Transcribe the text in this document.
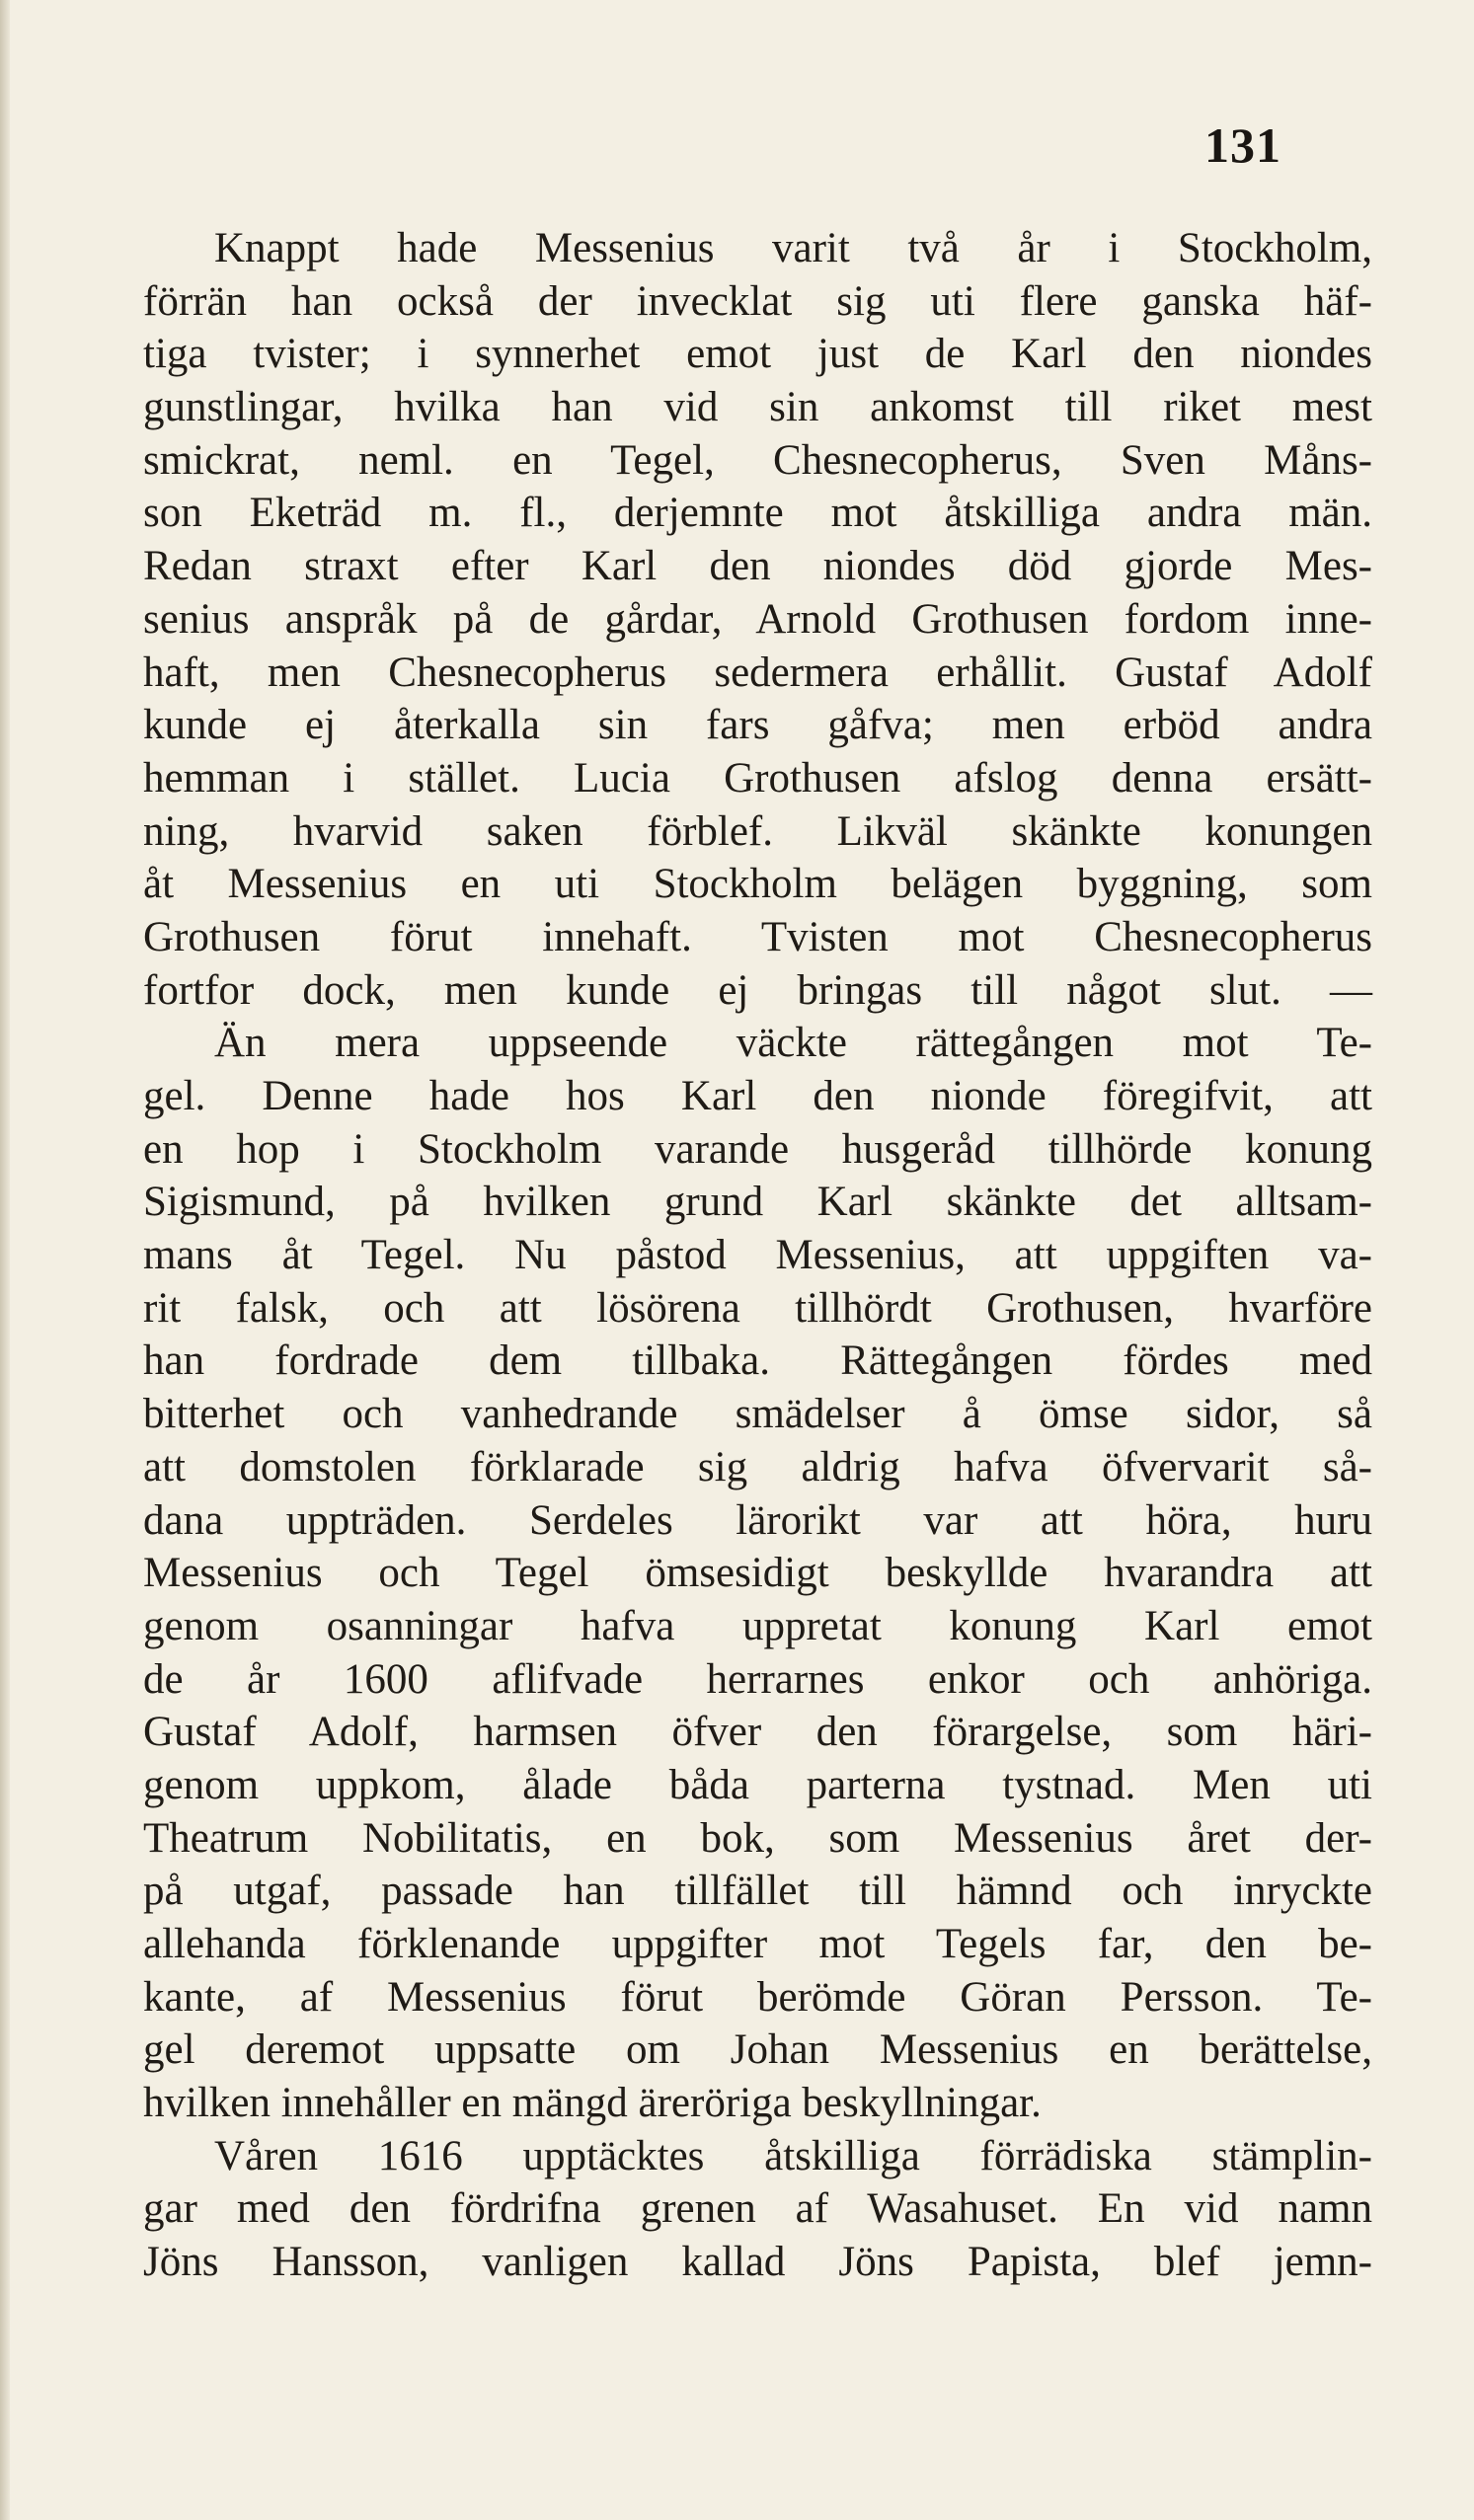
131
Knappt hade Messenius varit två år i Stockholm,
förrän han också der invecklat sig uti flere ganska häf-
tiga tvister; i synnerhet emot just de Karl den niondes
gunstlingar, hvilka han vid sin ankomst till riket mest
smickrat, neml. en Tegel, Chesnecopherus, Sven Måns-
son Eketräd m. fl., derjemnte mot åtskilliga andra män.
Redan straxt efter Karl den niondes död gjorde Mes-
senius anspråk på de gårdar, Arnold Grothusen fordom inne-
haft, men Chesnecopherus sedermera erhållit. Gustaf Adolf
kunde ej återkalla sin fars gåfva; men erböd andra
hemman i stället. Lucia Grothusen afslog denna ersätt-
ning, hvarvid saken förblef. Likväl skänkte konungen
åt Messenius en uti Stockholm belägen byggning, som
Grothusen förut innehaft. Tvisten mot Chesnecopherus
fortfor dock, men kunde ej bringas till något slut. —
Än mera uppseende väckte rättegången mot Te-
gel. Denne hade hos Karl den nionde föregifvit, att
en hop i Stockholm varande husgeråd tillhörde konung
Sigismund, på hvilken grund Karl skänkte det alltsam-
mans åt Tegel. Nu påstod Messenius, att uppgiften va-
rit falsk, och att lösörena tillhördt Grothusen, hvarföre
han fordrade dem tillbaka. Rättegången fördes med
bitterhet och vanhedrande smädelser å ömse sidor, så
att domstolen förklarade sig aldrig hafva öfvervarit så-
dana uppträden. Serdeles lärorikt var att höra, huru
Messenius och Tegel ömsesidigt beskyllde hvarandra att
genom osanningar hafva uppretat konung Karl emot
de år 1600 aflifvade herrarnes enkor och anhöriga.
Gustaf Adolf, harmsen öfver den förargelse, som häri-
genom uppkom, ålade båda parterna tystnad. Men uti
Theatrum Nobilitatis, en bok, som Messenius året der-
på utgaf, passade han tillfället till hämnd och inryckte
allehanda förklenande uppgifter mot Tegels far, den be-
kante, af Messenius förut berömde Göran Persson. Te-
gel deremot uppsatte om Johan Messenius en berättelse,
hvilken innehåller en mängd äreröriga beskyllningar.
Våren 1616 upptäcktes åtskilliga förrädiska stämplin-
gar med den fördrifna grenen af Wasahuset. En vid namn
Jöns Hansson, vanligen kallad Jöns Papista, blef jemn-
